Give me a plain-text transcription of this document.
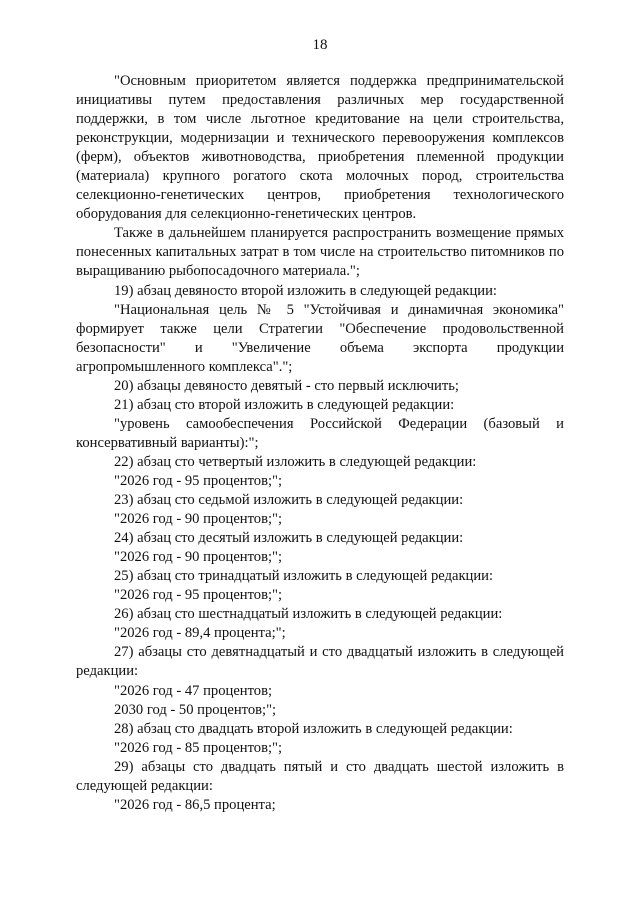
18

"Основным приоритетом является поддержка предпринимательской инициативы путем предоставления различных мер государственной поддержки, в том числе льготное кредитование на цели строительства, реконструкции, модернизации и технического перевооружения комплексов (ферм), объектов животноводства, приобретения племенной продукции (материала) крупного рогатого скота молочных пород, строительства селекционно-генетических центров, приобретения технологического оборудования для селекционно-генетических центров.

Также в дальнейшем планируется распространить возмещение прямых понесенных капитальных затрат в том числе на строительство питомников по выращиванию рыбопосадочного материала.";

19) абзац девяносто второй изложить в следующей редакции:

"Национальная цель № 5 "Устойчивая и динамичная экономика" формирует также цели Стратегии "Обеспечение продовольственной безопасности" и "Увеличение объема экспорта продукции агропромышленного комплекса".";

20) абзацы девяносто девятый - сто первый исключить;

21) абзац сто второй изложить в следующей редакции:

"уровень самообеспечения Российской Федерации (базовый и консервативный варианты):";

22) абзац сто четвертый изложить в следующей редакции:

"2026 год - 95 процентов;";

23) абзац сто седьмой изложить в следующей редакции:

"2026 год - 90 процентов;";

24) абзац сто десятый изложить в следующей редакции:

"2026 год - 90 процентов;";

25) абзац сто тринадцатый изложить в следующей редакции:

"2026 год - 95 процентов;";

26) абзац сто шестнадцатый изложить в следующей редакции:

"2026 год - 89,4 процента;";

27) абзацы сто девятнадцатый и сто двадцатый изложить в следующей редакции:

"2026 год - 47 процентов;

2030 год - 50 процентов;";

28) абзац сто двадцать второй изложить в следующей редакции:

"2026 год - 85 процентов;";

29) абзацы сто двадцать пятый и сто двадцать шестой изложить в следующей редакции:

"2026 год - 86,5 процента;
